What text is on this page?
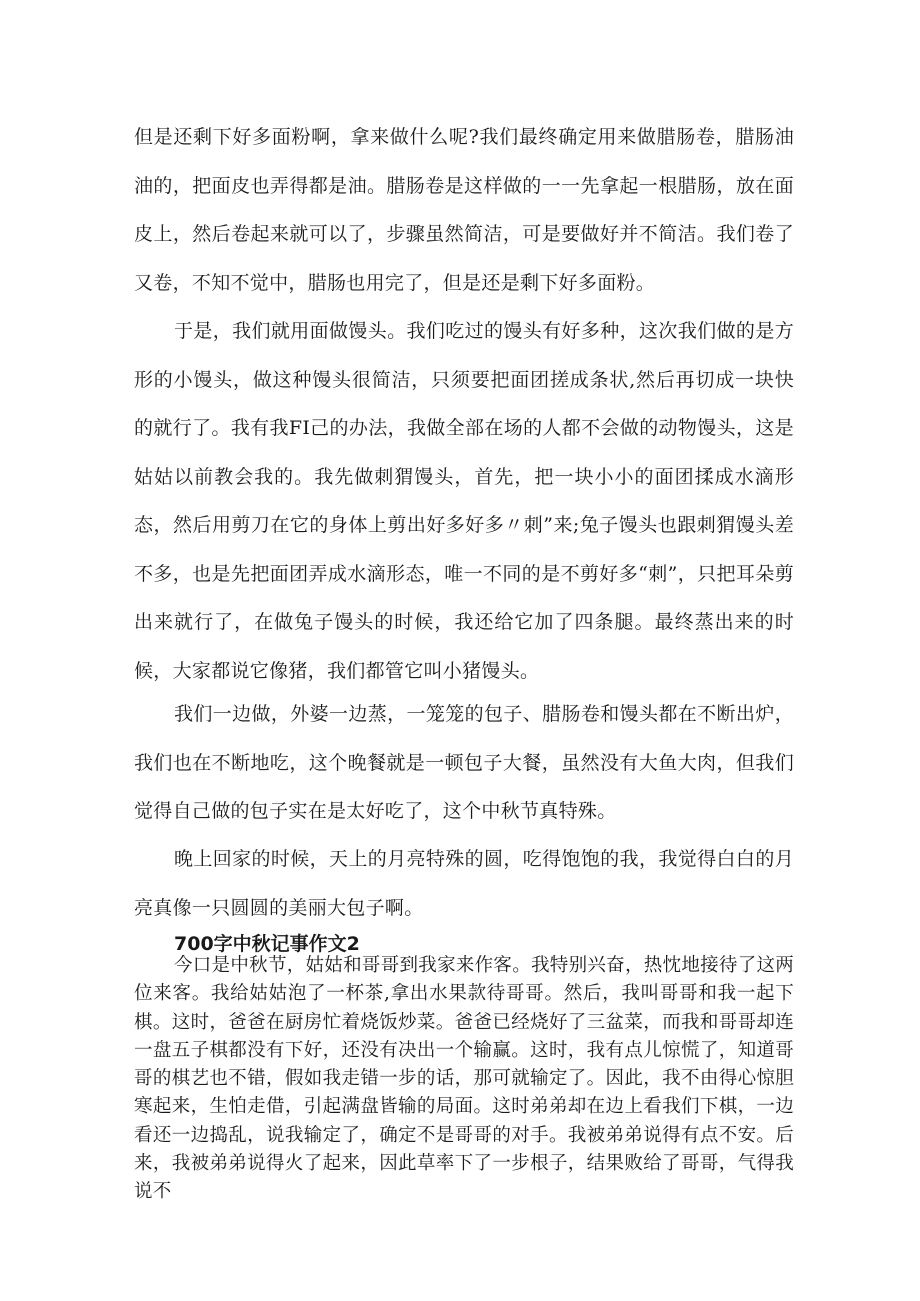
但是还剩下好多面粉啊，拿来做什么呢?我们最终确定用来做腊肠卷，腊肠油油的，把面皮也弄得都是油。腊肠卷是这样做的一一先拿起一根腊肠，放在面皮上，然后卷起来就可以了，步骤虽然简洁，可是要做好并不简洁。我们卷了又卷，不知不觉中，腊肠也用完了，但是还是剩下好多面粉。

于是，我们就用面做馒头。我们吃过的馒头有好多种，这次我们做的是方形的小馒头，做这种馒头很简洁，只须要把面团搓成条状,然后再切成一块快的就行了。我有我FI己的办法，我做全部在场的人都不会做的动物馒头，这是姑姑以前教会我的。我先做刺猬馒头，首先，把一块小小的面团揉成水滴形态，然后用剪刀在它的身体上剪出好多好多〃刺”来;兔子馒头也跟刺猬馒头差不多，也是先把面团弄成水滴形态，唯一不同的是不剪好多“刺”，只把耳朵剪出来就行了，在做兔子馒头的时候，我还给它加了四条腿。最终蒸出来的时候，大家都说它像猪，我们都管它叫小猪馒头。

我们一边做，外婆一边蒸，一笼笼的包子、腊肠卷和馒头都在不断出炉，我们也在不断地吃，这个晚餐就是一顿包子大餐，虽然没有大鱼大肉，但我们觉得自己做的包子实在是太好吃了，这个中秋节真特殊。

晚上回家的时候，天上的月亮特殊的圆，吃得饱饱的我，我觉得白白的月亮真像一只圆圆的美丽大包子啊。

700字中秋记事作文2

今口是中秋节，姑姑和哥哥到我家来作客。我特别兴奋，热忱地接待了这两位来客。我给姑姑泡了一杯茶,拿出水果款待哥哥。然后，我叫哥哥和我一起下棋。这时，爸爸在厨房忙着烧饭炒菜。爸爸已经烧好了三盆菜，而我和哥哥却连一盘五子棋都没有下好，还没有决出一个输赢。这时，我有点儿惊慌了，知道哥哥的棋艺也不错，假如我走错一步的话，那可就输定了。因此，我不由得心惊胆寒起来，生怕走借，引起满盘皆输的局面。这时弟弟却在边上看我们下棋，一边看还一边捣乱，说我输定了，确定不是哥哥的对手。我被弟弟说得有点不安。后来，我被弟弟说得火了起来，因此草率下了一步根子，结果败给了哥哥，气得我说不
